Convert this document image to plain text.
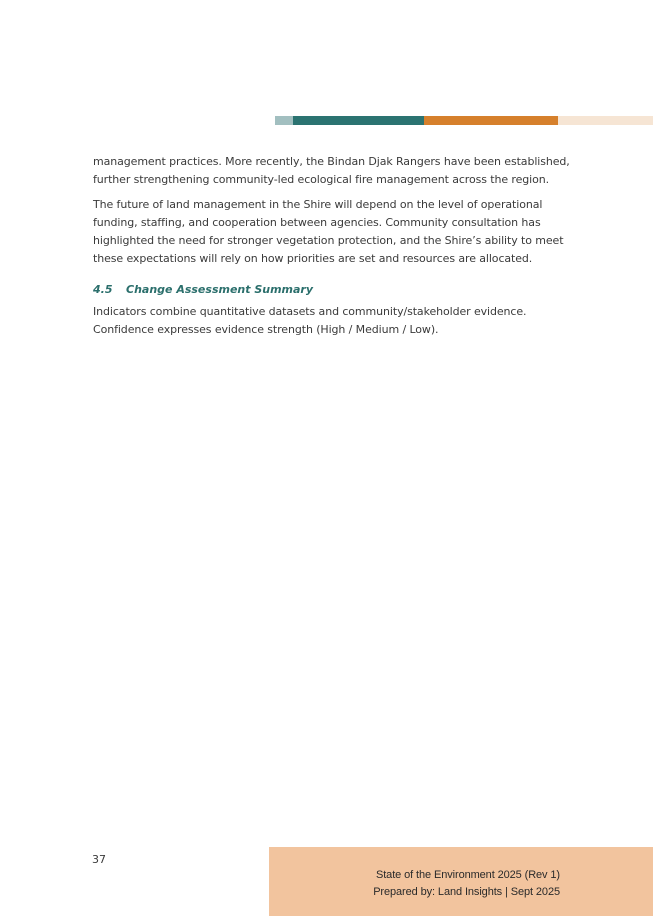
management practices. More recently, the Bindan Djak Rangers have been established, further strengthening community-led ecological fire management across the region.

The future of land management in the Shire will depend on the level of operational funding, staffing, and cooperation between agencies. Community consultation has highlighted the need for stronger vegetation protection, and the Shire’s ability to meet these expectations will rely on how priorities are set and resources are allocated.

4.5 Change Assessment Summary

Indicators combine quantitative datasets and community/stakeholder evidence. Confidence expresses evidence strength (High / Medium / Low).

37
State of the Environment 2025 (Rev 1)
Prepared by: Land Insights | Sept 2025
